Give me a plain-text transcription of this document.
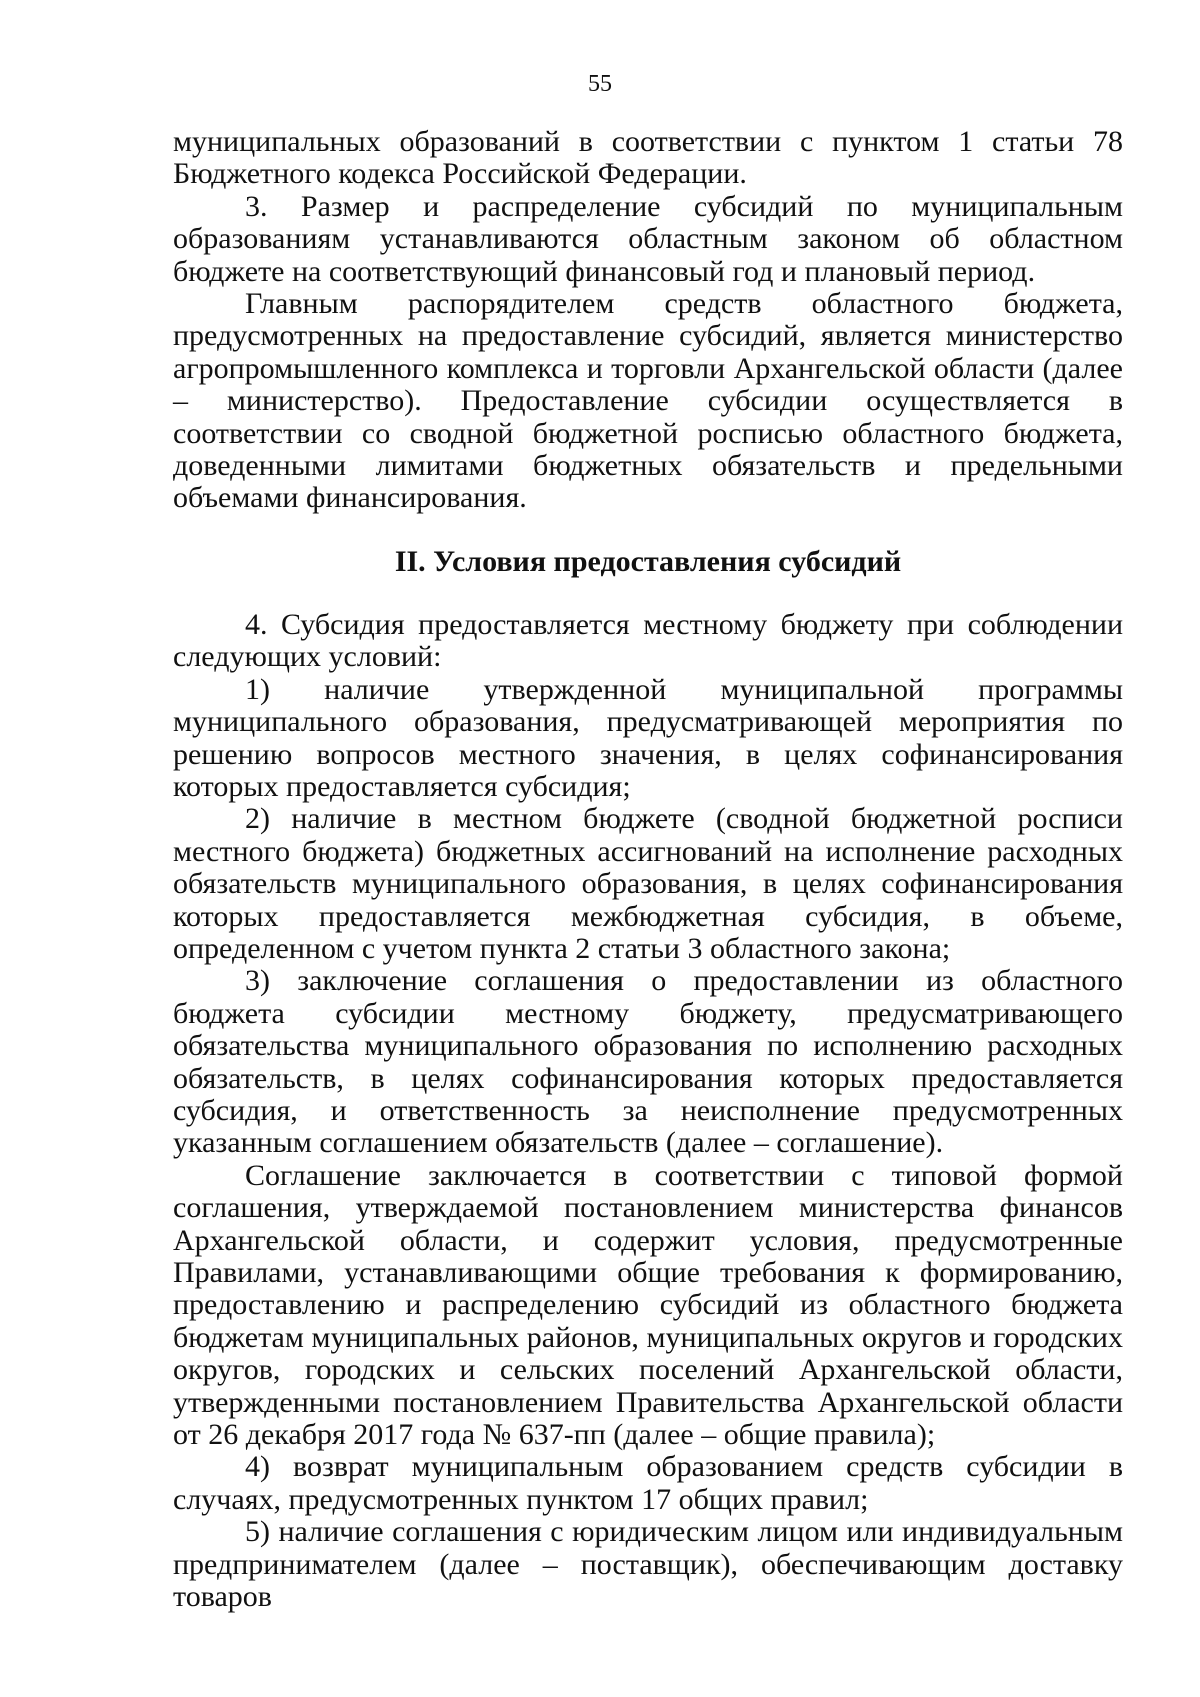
55

муниципальных образований в соответствии с пунктом 1 статьи 78 Бюджетного кодекса Российской Федерации.

3. Размер и распределение субсидий по муниципальным образованиям устанавливаются областным законом об областном бюджете на соответствующий финансовый год и плановый период.

Главным распорядителем средств областного бюджета, предусмотренных на предоставление субсидий, является министерство агропромышленного комплекса и торговли Архангельской области (далее – министерство). Предоставление субсидии осуществляется в соответствии со сводной бюджетной росписью областного бюджета, доведенными лимитами бюджетных обязательств и предельными объемами финансирования.

II. Условия предоставления субсидий

4. Субсидия предоставляется местному бюджету при соблюдении следующих условий:

1) наличие утвержденной муниципальной программы муниципального образования, предусматривающей мероприятия по решению вопросов местного значения, в целях софинансирования которых предоставляется субсидия;

2) наличие в местном бюджете (сводной бюджетной росписи местного бюджета) бюджетных ассигнований на исполнение расходных обязательств муниципального образования, в целях софинансирования которых предоставляется межбюджетная субсидия, в объеме, определенном с учетом пункта 2 статьи 3 областного закона;

3) заключение соглашения о предоставлении из областного бюджета субсидии местному бюджету, предусматривающего обязательства муниципального образования по исполнению расходных обязательств, в целях софинансирования которых предоставляется субсидия, и ответственность за неисполнение предусмотренных указанным соглашением обязательств (далее – соглашение).

Соглашение заключается в соответствии с типовой формой соглашения, утверждаемой постановлением министерства финансов Архангельской области, и содержит условия, предусмотренные Правилами, устанавливающими общие требования к формированию, предоставлению и распределению субсидий из областного бюджета бюджетам муниципальных районов, муниципальных округов и городских округов, городских и сельских поселений Архангельской области, утвержденными постановлением Правительства Архангельской области от 26 декабря 2017 года № 637-пп (далее – общие правила);

4) возврат муниципальным образованием средств субсидии в случаях, предусмотренных пунктом 17 общих правил;

5) наличие соглашения с юридическим лицом или индивидуальным предпринимателем (далее – поставщик), обеспечивающим доставку товаров
